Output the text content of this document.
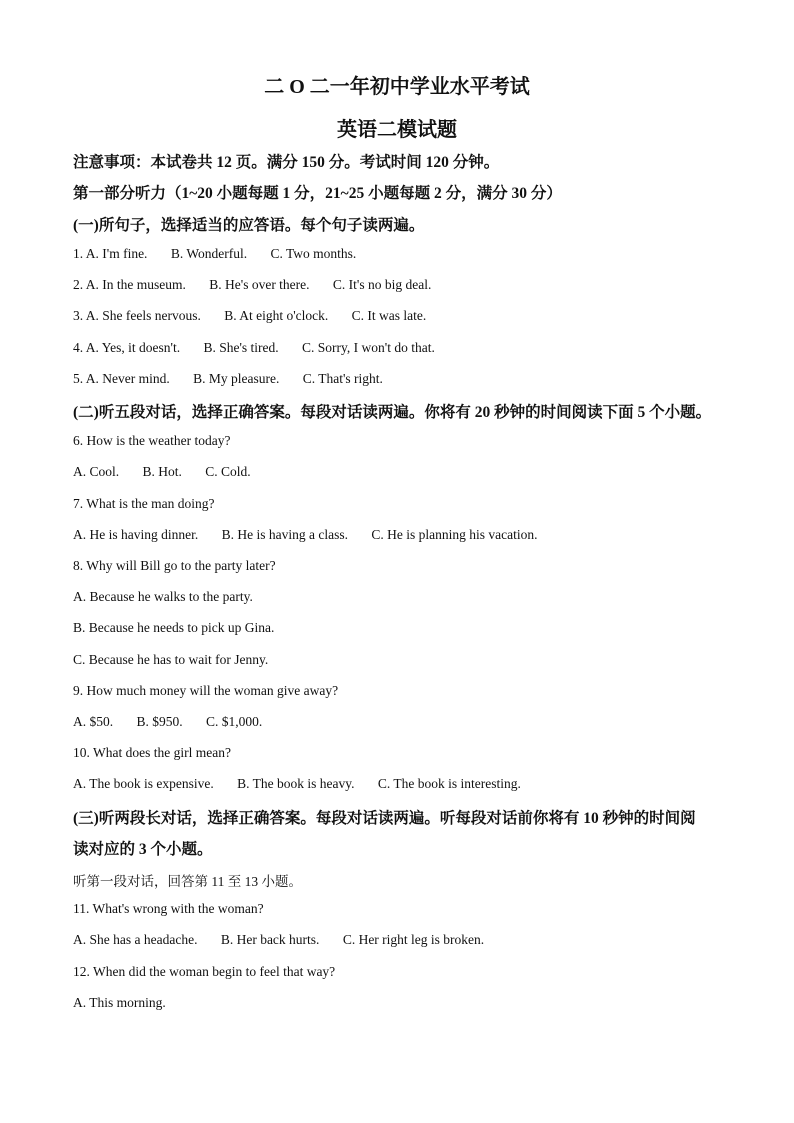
二 O 二一年初中学业水平考试
英语二模试题
注意事项：本试卷共 12 页。满分 150 分。考试时间 120 分钟。
第一部分听力（1~20 小题每题 1 分，21~25 小题每题 2 分，满分 30 分）
(一)所句子，选择适当的应答语。每个句子读两遍。
1. A. I'm fine. B. Wonderful. C. Two months.
2. A. In the museum. B. He's over there. C. It's no big deal.
3. A. She feels nervous. B. At eight o'clock. C. It was late.
4. A. Yes, it doesn't. B. She's tired. C. Sorry, I won't do that.
5. A. Never mind. B. My pleasure. C. That's right.
(二)听五段对话，选择正确答案。每段对话读两遍。你将有 20 秒钟的时间阅读下面 5 个小题。
6. How is the weather today?
A. Cool. B. Hot. C. Cold.
7. What is the man doing?
A. He is having dinner. B. He is having a class. C. He is planning his vacation.
8. Why will Bill go to the party later?
A. Because he walks to the party.
B. Because he needs to pick up Gina.
C. Because he has to wait for Jenny.
9. How much money will the woman give away?
A. $50. B. $950. C. $1,000.
10. What does the girl mean?
A. The book is expensive. B. The book is heavy. C. The book is interesting.
(三)听两段长对话，选择正确答案。每段对话读两遍。听每段对话前你将有 10 秒钟的时间阅
读对应的 3 个小题。
听第一段对话，回答第 11 至 13 小题。
11. What's wrong with the woman?
A. She has a headache. B. Her back hurts. C. Her right leg is broken.
12. When did the woman begin to feel that way?
A. This morning.
